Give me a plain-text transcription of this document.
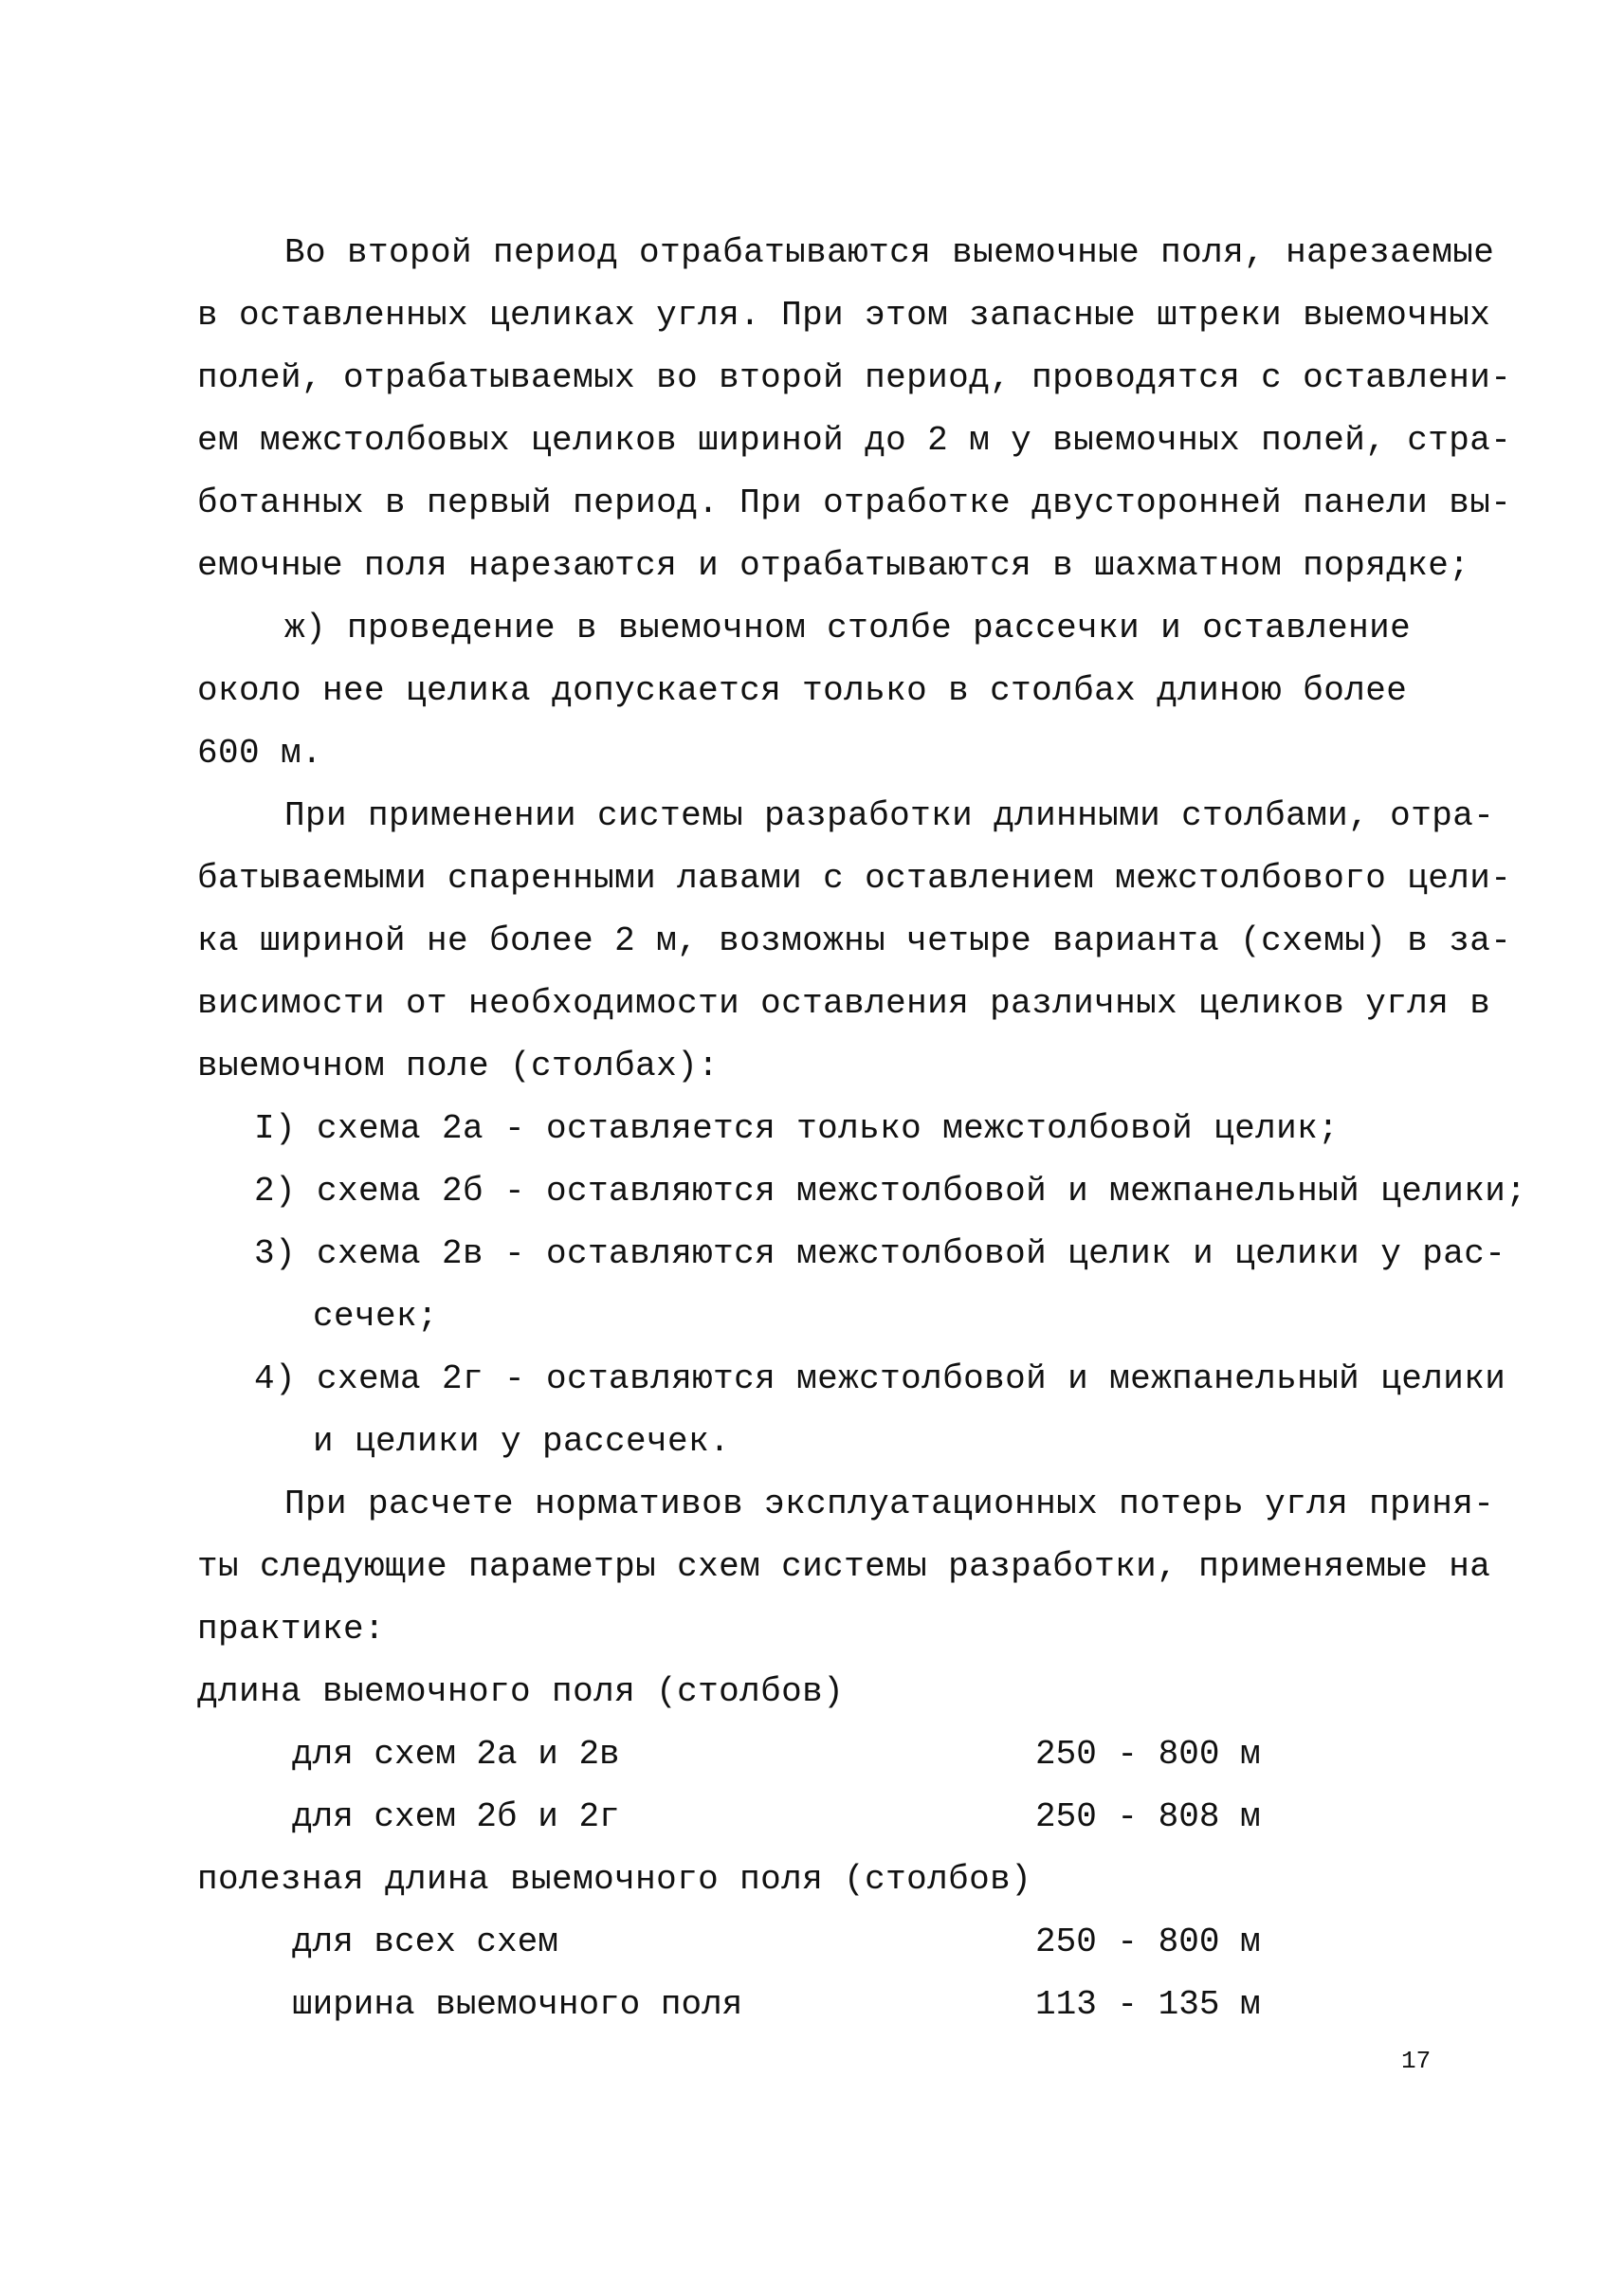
Во второй период отрабатываются выемочные поля, нарезаемые
в оставленных целиках угля. При этом запасные штреки выемочных
полей, отрабатываемых во второй период, проводятся с оставлени-
ем межстолбовых целиков шириной до 2 м у выемочных полей, стра-
ботанных в первый период. При отработке двусторонней панели вы-
емочные поля нарезаются и отрабатываются в шахматном порядке;
ж) проведение в выемочном столбе рассечки и оставление
около нее целика допускается только в столбах длиною более
600 м.
При применении системы разработки длинными столбами, отра-
батываемыми спаренными лавами с оставлением межстолбового цели-
ка шириной не более 2 м, возможны четыре варианта (схемы) в за-
висимости от необходимости оставления различных целиков угля в
выемочном поле (столбах):
I) схема 2а - оставляется только межстолбовой целик;
2) схема 2б - оставляются межстолбовой и межпанельный целики;
3) схема 2в - оставляются межстолбовой целик и целики у рас-
сечек;
4) схема 2г - оставляются межстолбовой и межпанельный целики
и целики у рассечек.
При расчете нормативов эксплуатационных потерь угля приня-
ты следующие параметры схем системы разработки, применяемые на
практике:
длина выемочного поля (столбов)
для схем 2а и 2в	250 - 800 м
для схем 2б и 2г	250 - 808 м
полезная длина выемочного поля (столбов)
для всех схем	250 - 800 м
ширина выемочного поля	113 - 135 м
17
